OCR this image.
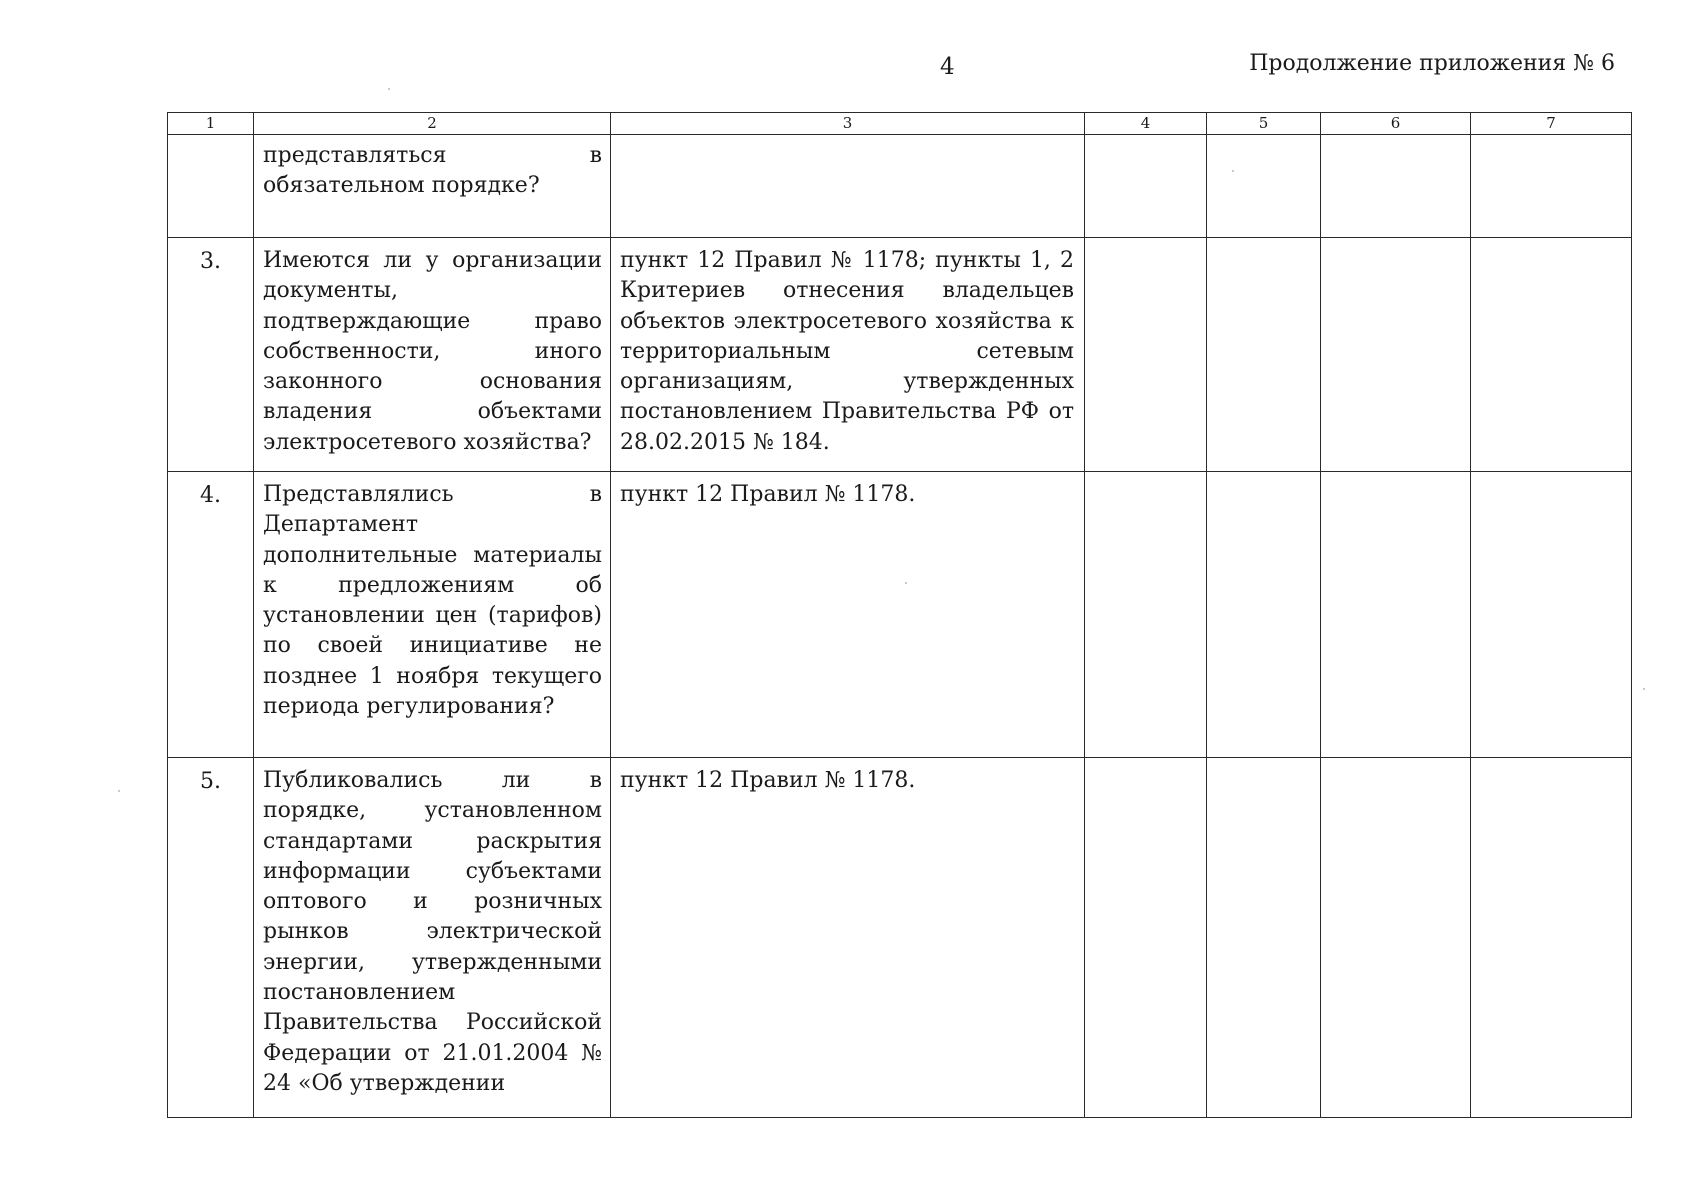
4	Продолжение приложения № 6
1	2	3	4	5	6	7
	представляться в обязательном порядке?					
3.	Имеются ли у организации документы, подтверждающие право собственности, иного законного основания владения объектами электросетевого хозяйства?	пункт 12 Правил № 1178; пункты 1, 2 Критериев отнесения владельцев объектов электросетевого хозяйства к территориальным сетевым организациям, утвержденных постановлением Правительства РФ от 28.02.2015 № 184.				
4.	Представлялись в Департамент дополнительные материалы к предложениям об установлении цен (тарифов) по своей инициативе не позднее 1 ноября текущего периода регулирования?	пункт 12 Правил № 1178.				
5.	Публиковались ли в порядке, установленном стандартами раскрытия информации субъектами оптового и розничных рынков электрической энергии, утвержденными постановлением Правительства Российской Федерации от 21.01.2004 № 24 «Об утверждении	пункт 12 Правил № 1178.				
